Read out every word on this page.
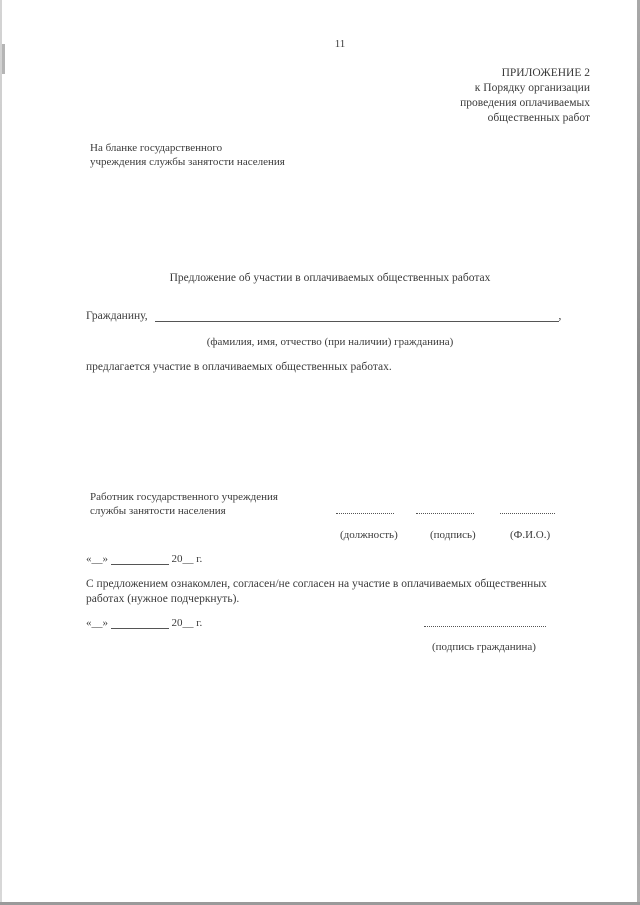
11
ПРИЛОЖЕНИЕ 2
к Порядку организации
проведения оплачиваемых
общественных работ
На бланке государственного
учреждения службы занятости населения
Предложение об участии в оплачиваемых общественных работах
Гражданину,	,
(фамилия, имя, отчество (при наличии) гражданина)
предлагается участие в оплачиваемых общественных работах.
Работник государственного учреждения
службы занятости населения
(должность)	(подпись)	(Ф.И.О.)
«__»	20__ г.
С предложением ознакомлен, согласен/не согласен на участие в оплачиваемых общественных работах (нужное подчеркнуть).
«__»	20__ г.
(подпись гражданина)
